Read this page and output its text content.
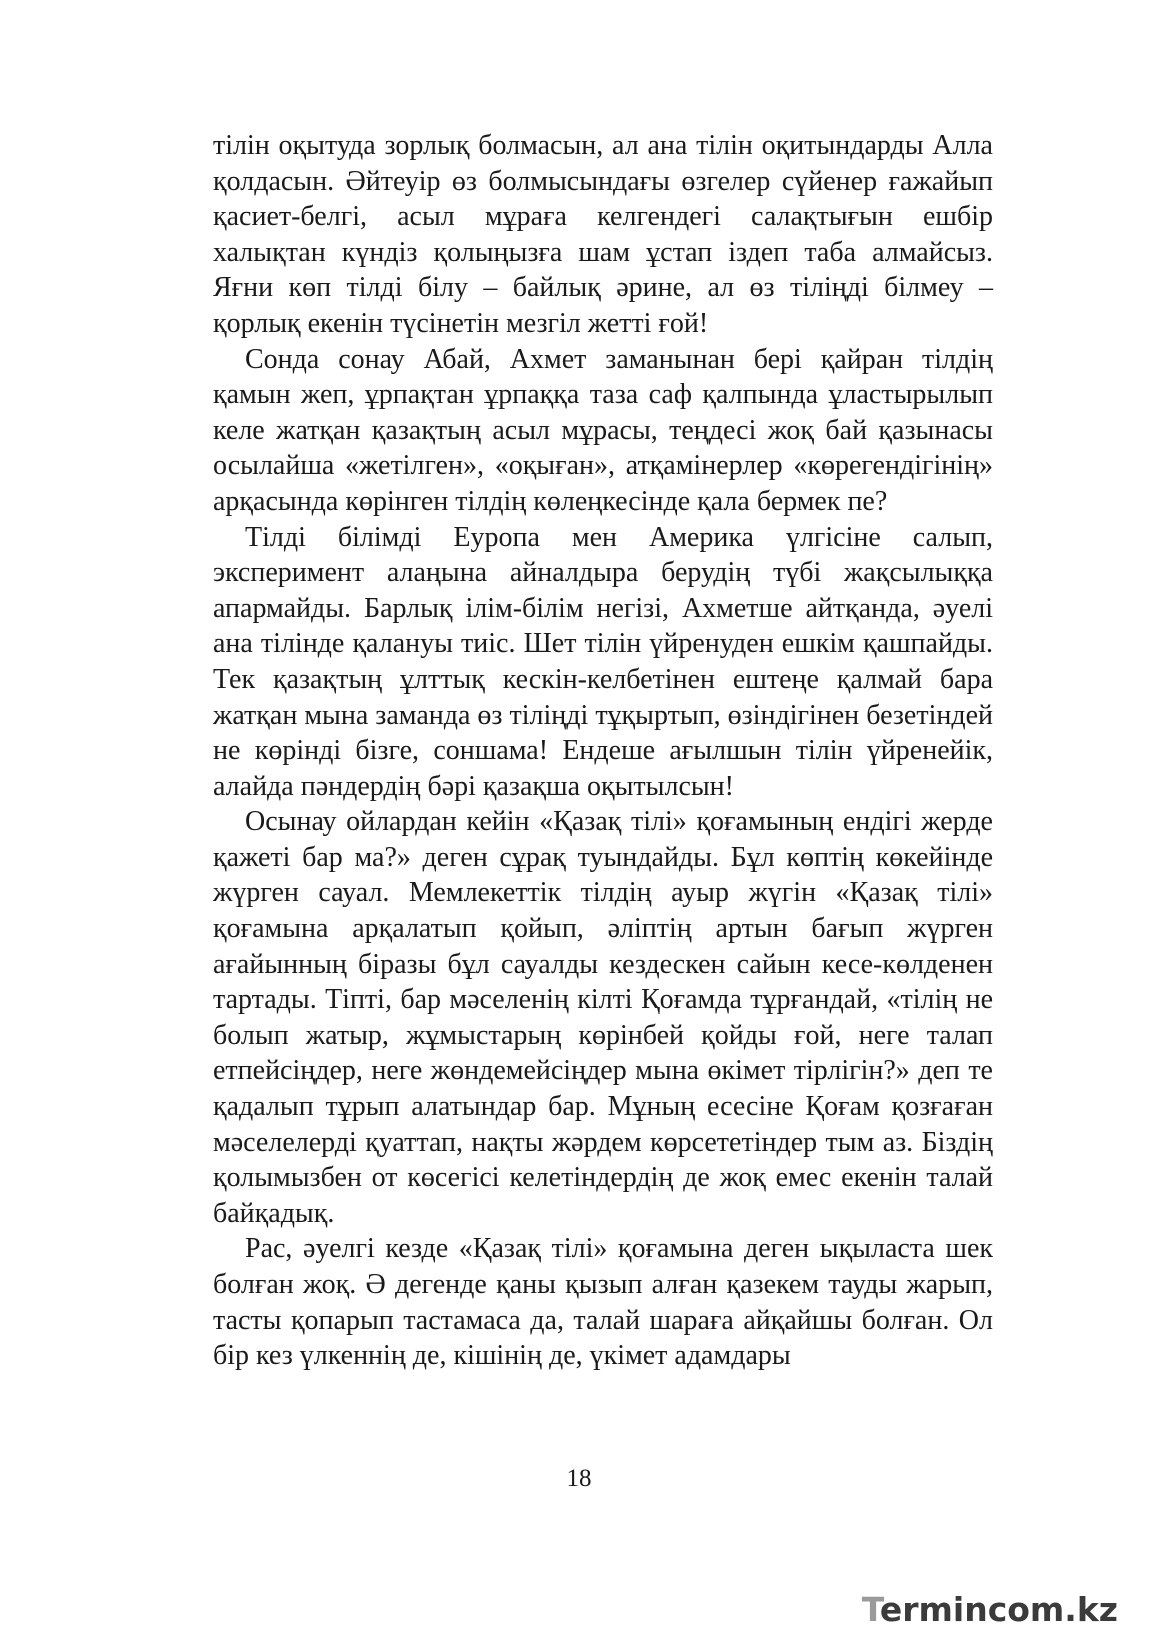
тілін оқытуда зорлық болмасын, ал ана тілін оқитындарды Алла қолдасын. Әйтеуір өз болмысындағы өзгелер сүйенер ғажайып қасиет-белгі, асыл мұраға келгендегі салақтығын ешбір халықтан күндіз қолыңызға шам ұстап іздеп таба алмайсыз. Яғни көп тілді білу – байлық әрине, ал өз тіліңді білмеу – қорлық екенін түсінетін мезгіл жетті ғой!

Сонда сонау Абай, Ахмет заманынан бері қайран тілдің қамын жеп, ұрпақтан ұрпаққа таза саф қалпында ұластырылып келе жатқан қазақтың асыл мұрасы, теңдесі жоқ бай қазынасы осылайша «жетілген», «оқыған», атқамінерлер «көрегендігінің» арқасында көрінген тілдің көлеңкесінде қала бермек пе?

Тілді білімді Еуропа мен Америка үлгісіне салып, эксперимент алаңына айналдыра берудің түбі жақсылыққа апармайды. Барлық ілім-білім негізі, Ахметше айтқанда, әуелі ана тілінде қалануы тиіс. Шет тілін үйренуден ешкім қашпайды. Тек қазақтың ұлттық кескін-келбетінен ештеңе қалмай бара жатқан мына заманда өз тіліңді тұқыртып, өзіндігінен безетіндей не көрінді бізге, соншама! Ендеше ағылшын тілін үйренейік, алайда пәндердің бәрі қазақша оқытылсын!

Осынау ойлардан кейін «Қазақ тілі» қоғамының ендігі жерде қажеті бар ма?» деген сұрақ туындайды. Бұл көптің көкейінде жүрген сауал. Мемлекеттік тілдің ауыр жүгін «Қазақ тілі» қоғамына арқалатып қойып, әліптің артын бағып жүрген ағайынның біразы бұл сауалды кездескен сайын кесе-көлденен тартады. Тіпті, бар мәселенің кілті Қоғамда тұрғандай, «тілің не болып жатыр, жұмыстарың көрінбей қойды ғой, неге талап етпейсіңдер, неге жөндемейсіңдер мына өкімет тірлігін?» деп те қадалып тұрып алатындар бар. Мұның есесіне Қоғам қозғаған мәселелерді қуаттап, нақты жәрдем көрсететіндер тым аз. Біздің қолымызбен от көсегісі келетіндердің де жоқ емес екенін талай байқадық.

Рас, әуелгі кезде «Қазақ тілі» қоғамына деген ықыласта шек болған жоқ. Ә дегенде қаны қызып алған қазекем тауды жарып, тасты қопарып тастамаса да, талай шараға айқайшы болған. Ол бір кез үлкеннің де, кішінің де, үкімет адамдары

18
Termincom.kz
